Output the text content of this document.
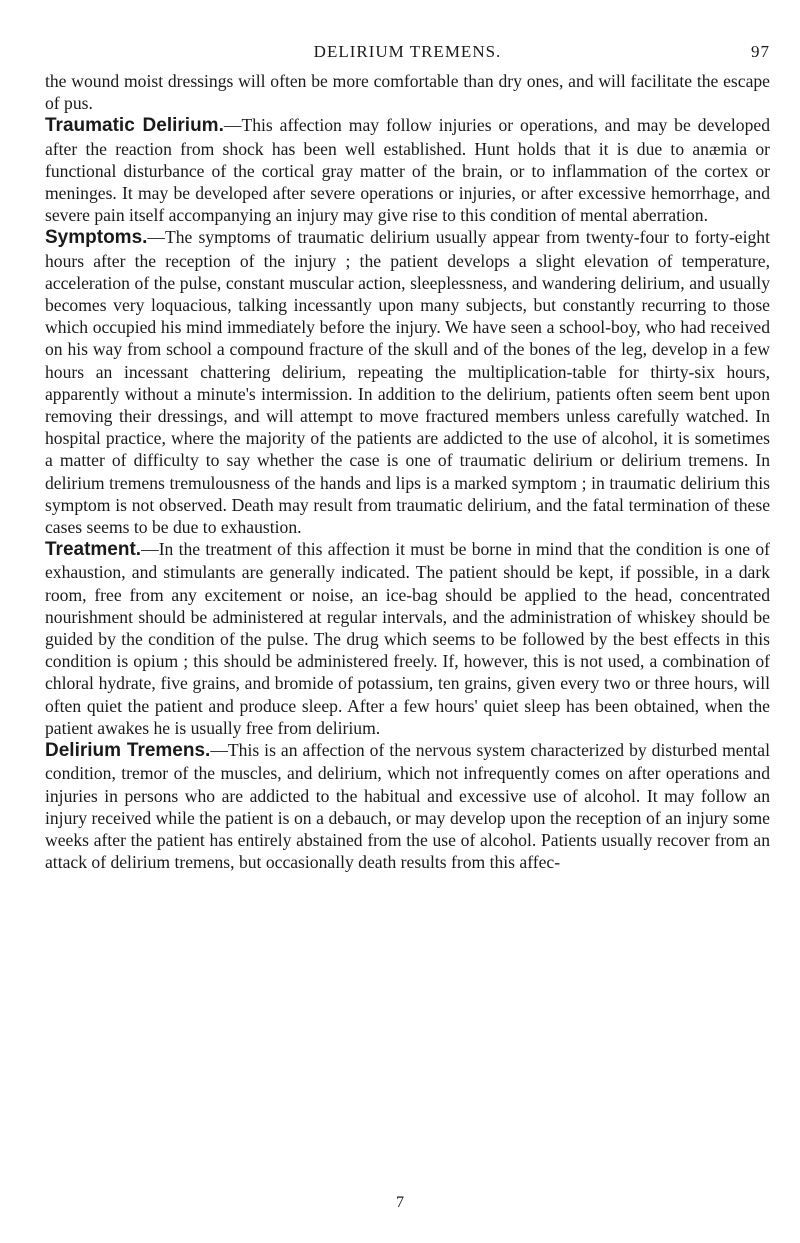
DELIRIUM TREMENS.	97

the wound moist dressings will often be more comfortable than dry ones, and will facilitate the escape of pus.

Traumatic Delirium.—This affection may follow injuries or operations, and may be developed after the reaction from shock has been well established. Hunt holds that it is due to anæmia or functional disturbance of the cortical gray matter of the brain, or to inflammation of the cortex or meninges. It may be developed after severe operations or injuries, or after excessive hemorrhage, and severe pain itself accompanying an injury may give rise to this condition of mental aberration.

Symptoms.—The symptoms of traumatic delirium usually appear from twenty-four to forty-eight hours after the reception of the injury ; the patient develops a slight elevation of temperature, acceleration of the pulse, constant muscular action, sleeplessness, and wandering delirium, and usually becomes very loquacious, talking incessantly upon many subjects, but constantly recurring to those which occupied his mind immediately before the injury. We have seen a school-boy, who had received on his way from school a compound fracture of the skull and of the bones of the leg, develop in a few hours an incessant chattering delirium, repeating the multiplication-table for thirty-six hours, apparently without a minute's intermission. In addition to the delirium, patients often seem bent upon removing their dressings, and will attempt to move fractured members unless carefully watched. In hospital practice, where the majority of the patients are addicted to the use of alcohol, it is sometimes a matter of difficulty to say whether the case is one of traumatic delirium or delirium tremens. In delirium tremens tremulousness of the hands and lips is a marked symptom ; in traumatic delirium this symptom is not observed. Death may result from traumatic delirium, and the fatal termination of these cases seems to be due to exhaustion.

Treatment.—In the treatment of this affection it must be borne in mind that the condition is one of exhaustion, and stimulants are generally indicated. The patient should be kept, if possible, in a dark room, free from any excitement or noise, an ice-bag should be applied to the head, concentrated nourishment should be administered at regular intervals, and the administration of whiskey should be guided by the condition of the pulse. The drug which seems to be followed by the best effects in this condition is opium ; this should be administered freely. If, however, this is not used, a combination of chloral hydrate, five grains, and bromide of potassium, ten grains, given every two or three hours, will often quiet the patient and produce sleep. After a few hours' quiet sleep has been obtained, when the patient awakes he is usually free from delirium.

Delirium Tremens.—This is an affection of the nervous system characterized by disturbed mental condition, tremor of the muscles, and delirium, which not infrequently comes on after operations and injuries in persons who are addicted to the habitual and excessive use of alcohol. It may follow an injury received while the patient is on a debauch, or may develop upon the reception of an injury some weeks after the patient has entirely abstained from the use of alcohol. Patients usually recover from an attack of delirium tremens, but occasionally death results from this affec-

7
